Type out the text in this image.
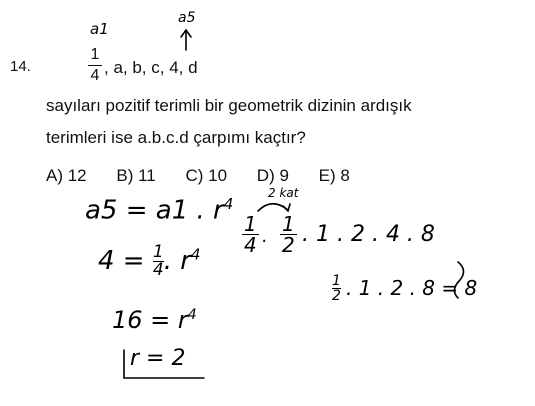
14.
1
4 , a, b, c, 4, d
sayıları pozitif terimli bir geometrik dizinin ardışık
terimleri ise a.b.c.d çarpımı kaçtır?
A) 12 B) 11 C) 10 D) 9 E) 8
a1
a5
a5 = a1 . $r^4$
$4 = \frac{1}{4}$ . $r^4$
$16 = r^4$
r = 2
2 kat
$\frac{1}{4}$ .
1

2 . 1 . 2 . 4 . 8
1

2 . 1 . 2 . 8 = 8
